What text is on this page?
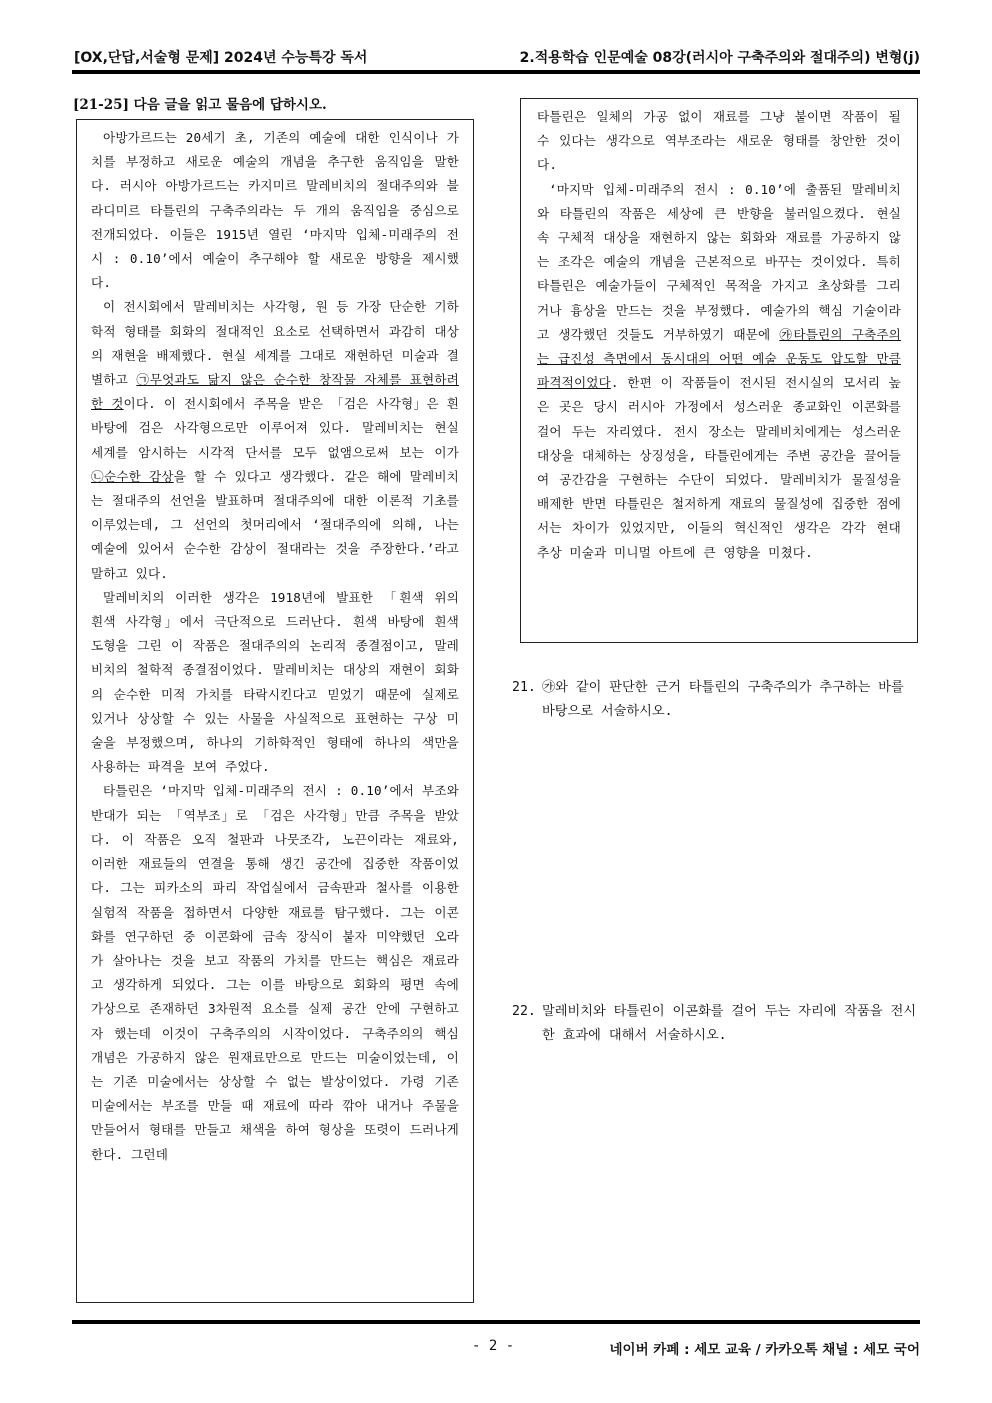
[OX,단답,서술형 문제] 2024년 수능특강 독서	2.적용학습 인문예술 08강(러시아 구축주의와 절대주의) 변형(j)
[21-25] 다음 글을 읽고 물음에 답하시오.

아방가르드는 20세기 초, 기존의 예술에 대한 인식이나 가치를 부정하고 새로운 예술의 개념을 추구한 움직임을 말한다. 러시아 아방가르드는 카지미르 말레비치의 절대주의와 블라디미르 타틀린의 구축주의라는 두 개의 움직임을 중심으로 전개되었다. 이들은 1915년 열린 ‘마지막 입체-미래주의 전시 : 0.10’에서 예술이 추구해야 할 새로운 방향을 제시했다.

이 전시회에서 말레비치는 사각형, 원 등 가장 단순한 기하학적 형태를 회화의 절대적인 요소로 선택하면서 과감히 대상의 재현을 배제했다. 현실 세계를 그대로 재현하던 미술과 결별하고 ㉠무엇과도 닮지 않은 순수한 창작물 자체를 표현하려 한 것이다. 이 전시회에서 주목을 받은 「검은 사각형」은 흰 바탕에 검은 사각형으로만 이루어져 있다. 말레비치는 현실 세계를 암시하는 시각적 단서를 모두 없앰으로써 보는 이가 ㉡순수한 감상을 할 수 있다고 생각했다. 같은 해에 말레비치는 절대주의 선언을 발표하며 절대주의에 대한 이론적 기초를 이루었는데, 그 선언의 첫머리에서 ‘절대주의에 의해, 나는 예술에 있어서 순수한 감상이 절대라는 것을 주장한다.’라고 말하고 있다.

말레비치의 이러한 생각은 1918년에 발표한 「흰색 위의 흰색 사각형」에서 극단적으로 드러난다. 흰색 바탕에 흰색 도형을 그린 이 작품은 절대주의의 논리적 종결점이고, 말레비치의 철학적 종결점이었다. 말레비치는 대상의 재현이 회화의 순수한 미적 가치를 타락시킨다고 믿었기 때문에 실제로 있거나 상상할 수 있는 사물을 사실적으로 표현하는 구상 미술을 부정했으며, 하나의 기하학적인 형태에 하나의 색만을 사용하는 파격을 보여 주었다.

타틀린은 ‘마지막 입체-미래주의 전시 : 0.10’에서 부조와 반대가 되는 「역부조」로 「검은 사각형」만큼 주목을 받았다. 이 작품은 오직 철판과 나뭇조각, 노끈이라는 재료와, 이러한 재료들의 연결을 통해 생긴 공간에 집중한 작품이었다. 그는 피카소의 파리 작업실에서 금속판과 철사를 이용한 실험적 작품을 접하면서 다양한 재료를 탐구했다. 그는 이콘화를 연구하던 중 이콘화에 금속 장식이 붙자 미약했던 오라가 살아나는 것을 보고 작품의 가치를 만드는 핵심은 재료라고 생각하게 되었다. 그는 이를 바탕으로 회화의 평면 속에 가상으로 존재하던 3차원적 요소를 실제 공간 안에 구현하고자 했는데 이것이 구축주의의 시작이었다. 구축주의의 핵심 개념은 가공하지 않은 원재료만으로 만드는 미술이었는데, 이는 기존 미술에서는 상상할 수 없는 발상이었다. 가령 기존 미술에서는 부조를 만들 때 재료에 따라 깎아 내거나 주물을 만들어서 형태를 만들고 채색을 하여 형상을 또렷이 드러나게 한다. 그런데

타틀린은 일체의 가공 없이 재료를 그냥 붙이면 작품이 될 수 있다는 생각으로 역부조라는 새로운 형태를 창안한 것이다.

‘마지막 입체-미래주의 전시 : 0.10’에 출품된 말레비치와 타틀린의 작품은 세상에 큰 반향을 불러일으켰다. 현실 속 구체적 대상을 재현하지 않는 회화와 재료를 가공하지 않는 조각은 예술의 개념을 근본적으로 바꾸는 것이었다. 특히 타틀린은 예술가들이 구체적인 목적을 가지고 초상화를 그리거나 흉상을 만드는 것을 부정했다. 예술가의 핵심 기술이라고 생각했던 것들도 거부하였기 때문에 ㉮타틀린의 구축주의는 급진성 측면에서 동시대의 어떤 예술 운동도 압도할 만큼 파격적이었다. 한편 이 작품들이 전시된 전시실의 모서리 높은 곳은 당시 러시아 가정에서 성스러운 종교화인 이콘화를 걸어 두는 자리였다. 전시 장소는 말레비치에게는 성스러운 대상을 대체하는 상징성을, 타틀린에게는 주변 공간을 끌어들여 공간감을 구현하는 수단이 되었다. 말레비치가 물질성을 배제한 반면 타틀린은 철저하게 재료의 물질성에 집중한 점에서는 차이가 있었지만, 이들의 혁신적인 생각은 각각 현대 추상 미술과 미니멀 아트에 큰 영향을 미쳤다.

21. ㉮와 같이 판단한 근거 타틀린의 구축주의가 추구하는 바를 바탕으로 서술하시오.
22. 말레비치와 타틀린이 이콘화를 걸어 두는 자리에 작품을 전시한 효과에 대해서 서술하시오.
- 2 -	네이버 카페 : 세모 교육 / 카카오톡 채널 : 세모 국어
